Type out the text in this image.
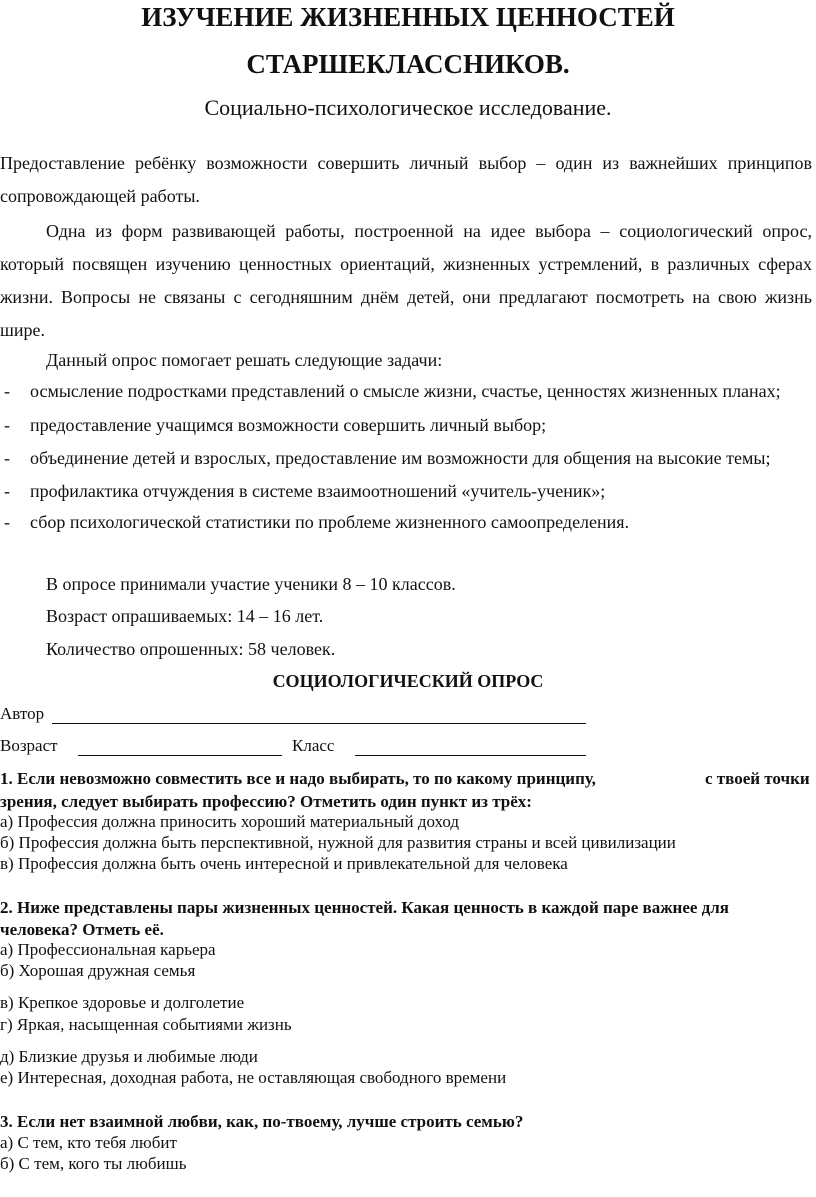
ИЗУЧЕНИЕ ЖИЗНЕННЫХ ЦЕННОСТЕЙ
СТАРШЕКЛАССНИКОВ.
Социально-психологическое исследование.
Предоставление ребёнку возможности совершить личный выбор – один из важнейших принципов
сопровождающей работы.
Одна из форм развивающей работы, построенной на идее выбора – социологический опрос,
который посвящен изучению ценностных ориентаций, жизненных устремлений, в различных сферах
жизни. Вопросы не связаны с сегодняшним днём детей, они предлагают посмотреть на свою жизнь
шире.
Данный опрос помогает решать следующие задачи:
- осмысление подростками представлений о смысле жизни, счастье, ценностях жизненных планах;
- предоставление учащимся возможности совершить личный выбор;
- объединение детей и взрослых, предоставление им возможности для общения на высокие темы;
- профилактика отчуждения в системе взаимоотношений «учитель-ученик»;
- сбор психологической статистики по проблеме жизненного самоопределения.
В опросе принимали участие ученики 8 – 10 классов.
Возраст опрашиваемых: 14 – 16 лет.
Количество опрошенных: 58 человек.
СОЦИОЛОГИЧЕСКИЙ ОПРОС
Автор
Возраст	Класс
1. Если невозможно совместить все и надо выбирать, то по какому принципу,	с твоей точки
зрения, следует выбирать профессию? Отметить один пункт из трёх:
а) Профессия должна приносить хороший материальный доход
б) Профессия должна быть перспективной, нужной для развития страны и всей цивилизации
в) Профессия должна быть очень интересной и привлекательной для человека
2. Ниже представлены пары жизненных ценностей. Какая ценность в каждой паре важнее для
человека? Отметь её.
а) Профессиональная карьера
б) Хорошая дружная семья
в) Крепкое здоровье и долголетие
г) Яркая, насыщенная событиями жизнь
д) Близкие друзья и любимые люди
е) Интересная, доходная работа, не оставляющая свободного времени
3. Если нет взаимной любви, как, по-твоему, лучше строить семью?
а) С тем, кто тебя любит
б) С тем, кого ты любишь
